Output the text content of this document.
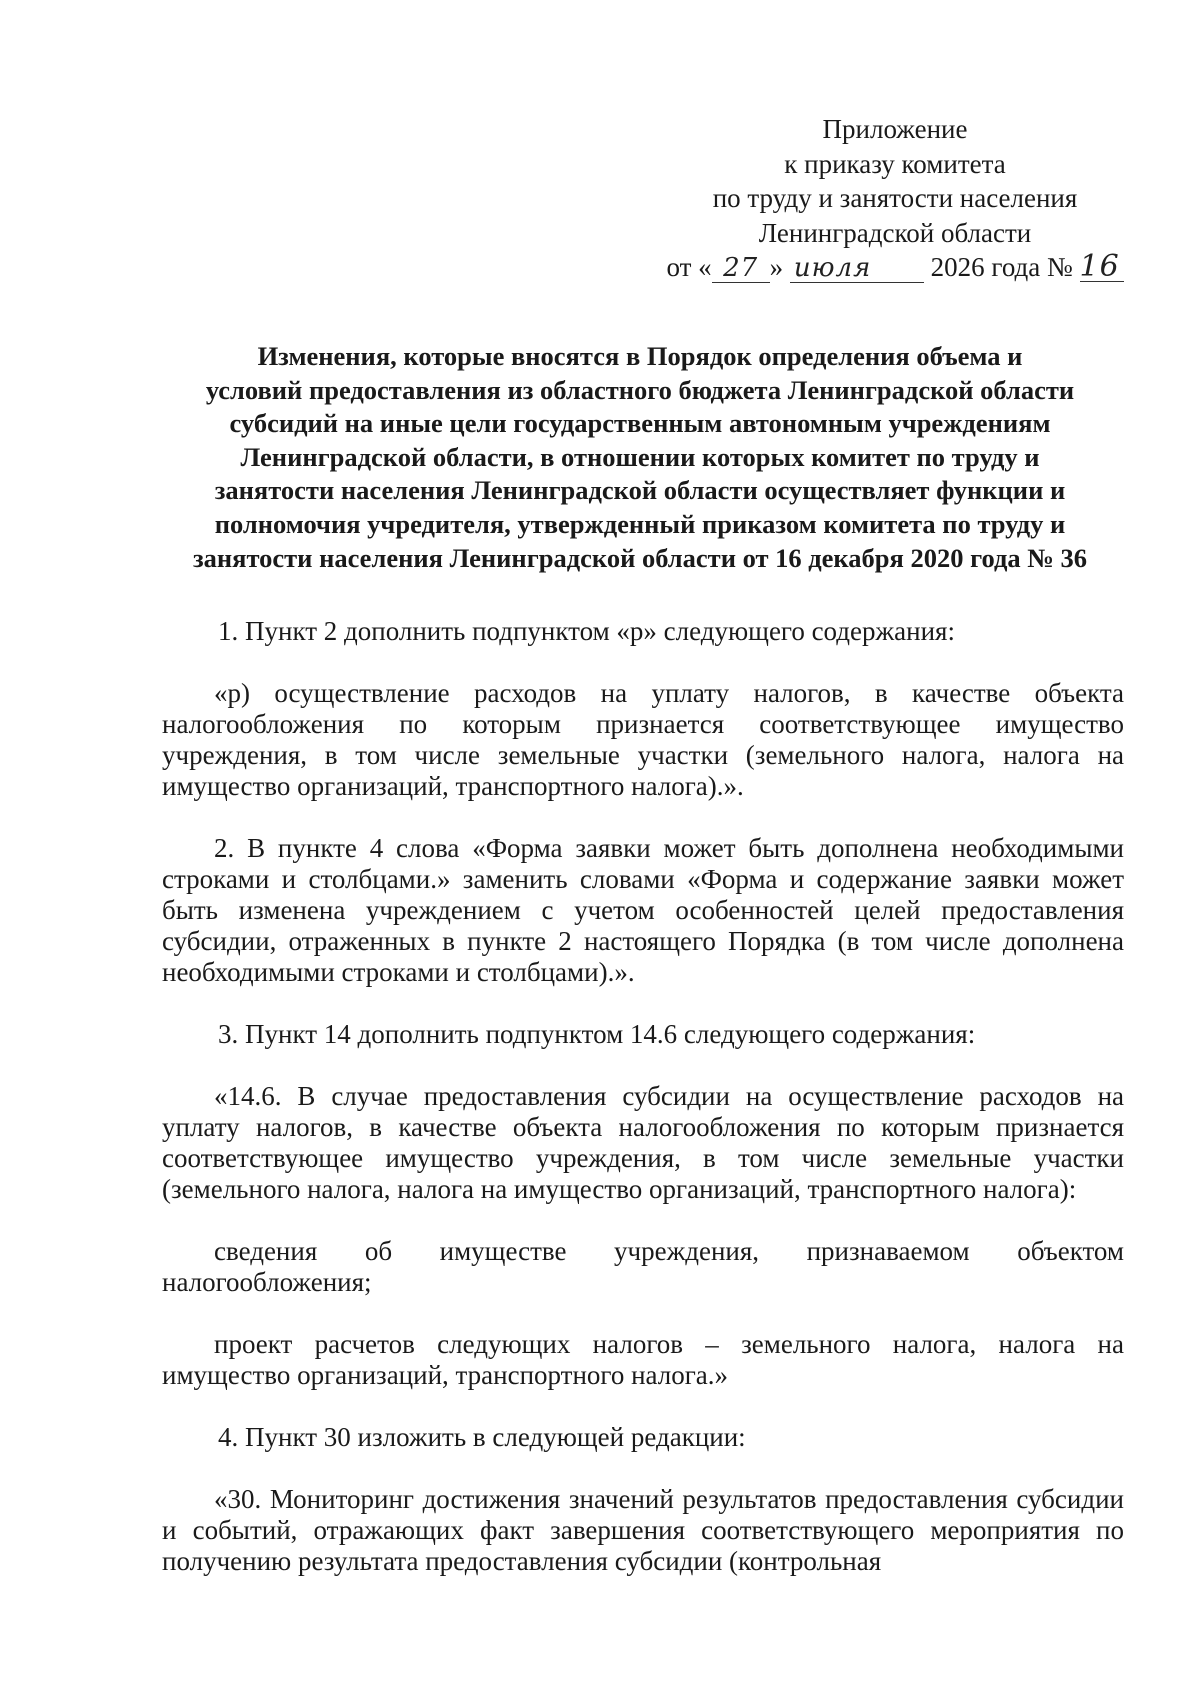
Приложение
к приказу комитета
по труду и занятости населения
Ленинградской области
от « 27 » июля 2026 года № 16
Изменения, которые вносятся в Порядок определения объема и
условий предоставления из областного бюджета Ленинградской области
субсидий на иные цели государственным автономным учреждениям
Ленинградской области, в отношении которых комитет по труду и
занятости населения Ленинградской области осуществляет функции и
полномочия учредителя, утвержденный приказом комитета по труду и
занятости населения Ленинградской области от 16 декабря 2020 года № 36

1. Пункт 2 дополнить подпунктом «р» следующего содержания:

«р) осуществление расходов на уплату налогов, в качестве объекта налогообложения по которым признается соответствующее имущество учреждения, в том числе земельные участки (земельного налога, налога на имущество организаций, транспортного налога).».

2. В пункте 4 слова «Форма заявки может быть дополнена необходимыми строками и столбцами.» заменить словами «Форма и содержание заявки может быть изменена учреждением с учетом особенностей целей предоставления субсидии, отраженных в пункте 2 настоящего Порядка (в том числе дополнена необходимыми строками и столбцами).».

3. Пункт 14 дополнить подпунктом 14.6 следующего содержания:

«14.6. В случае предоставления субсидии на осуществление расходов на уплату налогов, в качестве объекта налогообложения по которым признается соответствующее имущество учреждения, в том числе земельные участки (земельного налога, налога на имущество организаций, транспортного налога):

сведения об имуществе учреждения, признаваемом объектом налогообложения;

проект расчетов следующих налогов – земельного налога, налога на имущество организаций, транспортного налога.»

4. Пункт 30 изложить в следующей редакции:

«30. Мониторинг достижения значений результатов предоставления субсидии и событий, отражающих факт завершения соответствующего мероприятия по получению результата предоставления субсидии (контрольная
